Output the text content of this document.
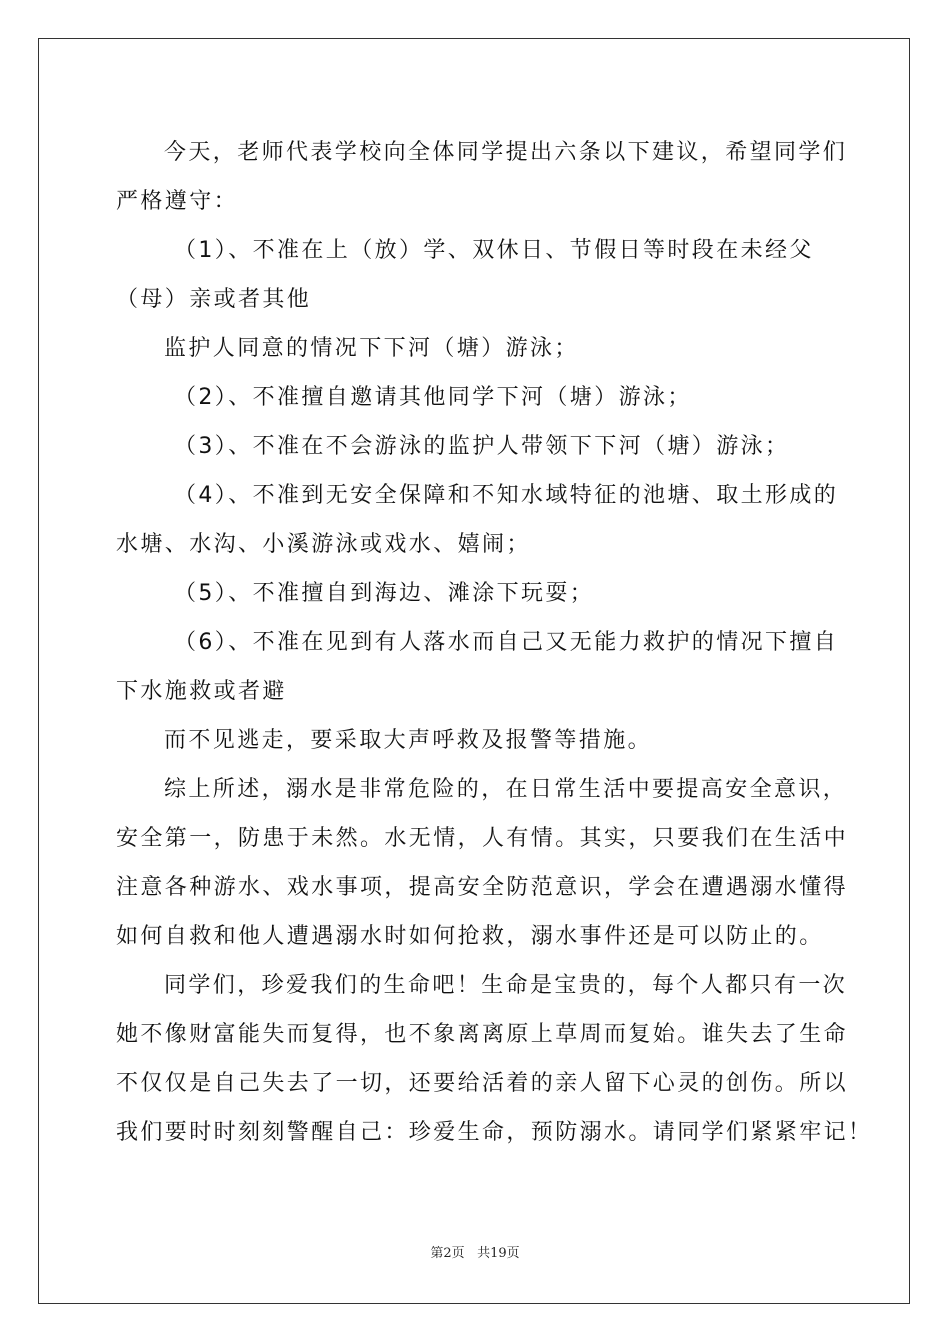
今天，老师代表学校向全体同学提出六条以下建议，希望同学们
严格遵守：
（1）、不准在上（放）学、双休日、节假日等时段在未经父
（母）亲或者其他
监护人同意的情况下下河（塘）游泳；
（2）、不准擅自邀请其他同学下河（塘）游泳；
（3）、不准在不会游泳的监护人带领下下河（塘）游泳；
（4）、不准到无安全保障和不知水域特征的池塘、取土形成的
水塘、水沟、小溪游泳或戏水、嬉闹；
（5）、不准擅自到海边、滩涂下玩耍；
（6）、不准在见到有人落水而自己又无能力救护的情况下擅自
下水施救或者避
而不见逃走，要采取大声呼救及报警等措施。
综上所述，溺水是非常危险的，在日常生活中要提高安全意识，
安全第一，防患于未然。水无情，人有情。其实，只要我们在生活中
注意各种游水、戏水事项，提高安全防范意识，学会在遭遇溺水懂得
如何自救和他人遭遇溺水时如何抢救，溺水事件还是可以防止的。
同学们，珍爱我们的生命吧！生命是宝贵的，每个人都只有一次
她不像财富能失而复得，也不象离离原上草周而复始。谁失去了生命
不仅仅是自己失去了一切，还要给活着的亲人留下心灵的创伤。所以
我们要时时刻刻警醒自己：珍爱生命，预防溺水。请同学们紧紧牢记！
第2页 共19页
